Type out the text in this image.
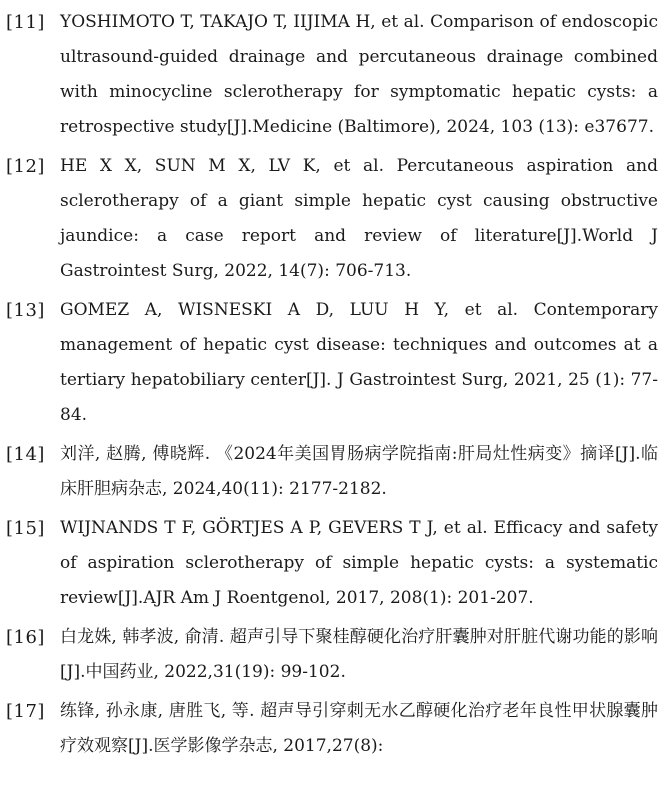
[11] YOSHIMOTO T, TAKAJO T, IIJIMA H, et al. Comparison of endoscopic ultrasound-guided drainage and percutaneous drainage combined with minocycline sclerotherapy for symptomatic hepatic cysts: a retrospective study[J].Medicine (Baltimore), 2024, 103 (13): e37677.
[12] HE X X, SUN M X, LV K, et al. Percutaneous aspiration and sclerotherapy of a giant simple hepatic cyst causing obstructive jaundice: a case report and review of literature[J].World J Gastrointest Surg, 2022, 14(7): 706-713.
[13] GOMEZ A, WISNESKI A D, LUU H Y, et al. Contemporary management of hepatic cyst disease: techniques and outcomes at a tertiary hepatobiliary center[J]. J Gastrointest Surg, 2021, 25 (1): 77-84.
[14] 刘洋, 赵腾, 傅晓辉. 《2024年美国胃肠病学院指南:肝局灶性病变》摘译[J].临床肝胆病杂志, 2024,40(11): 2177-2182.
[15] WIJNANDS T F, GÖRTJES A P, GEVERS T J, et al. Efficacy and safety of aspiration sclerotherapy of simple hepatic cysts: a systematic review[J].AJR Am J Roentgenol, 2017, 208(1): 201-207.
[16] 白龙姝, 韩孝波, 俞清. 超声引导下聚桂醇硬化治疗肝囊肿对肝脏代谢功能的影响[J].中国药业, 2022,31(19): 99-102.
[17] 练锋, 孙永康, 唐胜飞, 等. 超声导引穿刺无水乙醇硬化治疗老年良性甲状腺囊肿疗效观察[J].医学影像学杂志, 2017,27(8):
